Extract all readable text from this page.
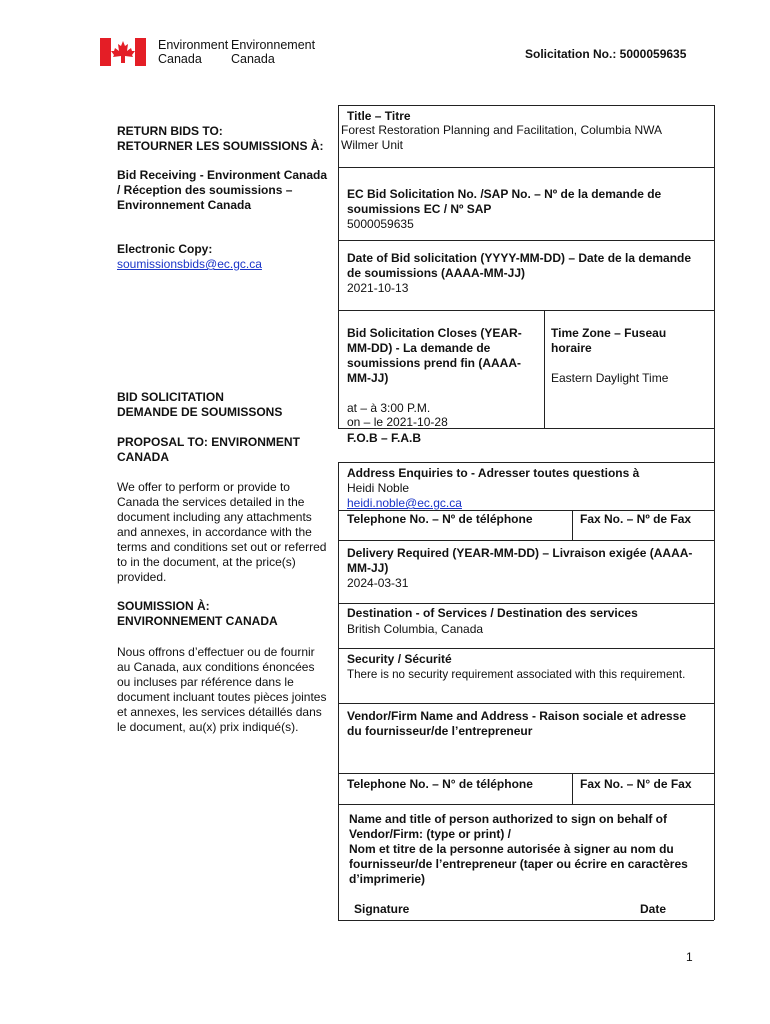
Environment
Canada
Environnement
Canada	Solicitation No.: 5000059635
RETURN BIDS TO:
RETOURNER LES SOUMISSIONS À:
Bid Receiving - Environment Canada
/ Réception des soumissions –
Environnement Canada
Electronic Copy:
soumissionsbids@ec.gc.ca
BID SOLICITATION
DEMANDE DE SOUMISSONS
PROPOSAL TO: ENVIRONMENT
CANADA
We offer to perform or provide to
Canada the services detailed in the
document including any attachments
and annexes, in accordance with the
terms and conditions set out or referred
to in the document, at the price(s)
provided.
SOUMISSION À:
ENVIRONNEMENT CANADA
Nous offrons d’effectuer ou de fournir
au Canada, aux conditions énoncées
ou incluses par référence dans le
document incluant toutes pièces jointes
et annexes, les services détaillés dans
le document, au(x) prix indiqué(s).
Title – Titre
Forest Restoration Planning and Facilitation, Columbia NWA
Wilmer Unit
EC Bid Solicitation No. /SAP No. – Nº de la demande de
soumissions EC / Nº SAP
5000059635
Date of Bid solicitation (YYYY-MM-DD) – Date de la demande
de soumissions (AAAA-MM-JJ)
2021-10-13
Bid Solicitation Closes (YEAR-
MM-DD) - La demande de
soumissions prend fin (AAAA-
MM-JJ)
at – à 3:00 P.M.
on – le 2021-10-28
Time Zone – Fuseau
horaire
Eastern Daylight Time
F.O.B – F.A.B
Address Enquiries to - Adresser toutes questions à
Heidi Noble
heidi.noble@ec.gc.ca
Telephone No. – Nº de téléphone	Fax No. – Nº de Fax
Delivery Required (YEAR-MM-DD) – Livraison exigée (AAAA-
MM-JJ)
2024-03-31
Destination - of Services / Destination des services
British Columbia, Canada
Security / Sécurité
There is no security requirement associated with this requirement.
Vendor/Firm Name and Address - Raison sociale et adresse
du fournisseur/de l’entrepreneur
Telephone No. – N° de téléphone	Fax No. – N° de Fax
Name and title of person authorized to sign on behalf of
Vendor/Firm: (type or print) /
Nom et titre de la personne autorisée à signer au nom du
fournisseur/de l’entrepreneur (taper ou écrire en caractères
d’imprimerie)
Signature	Date
1
